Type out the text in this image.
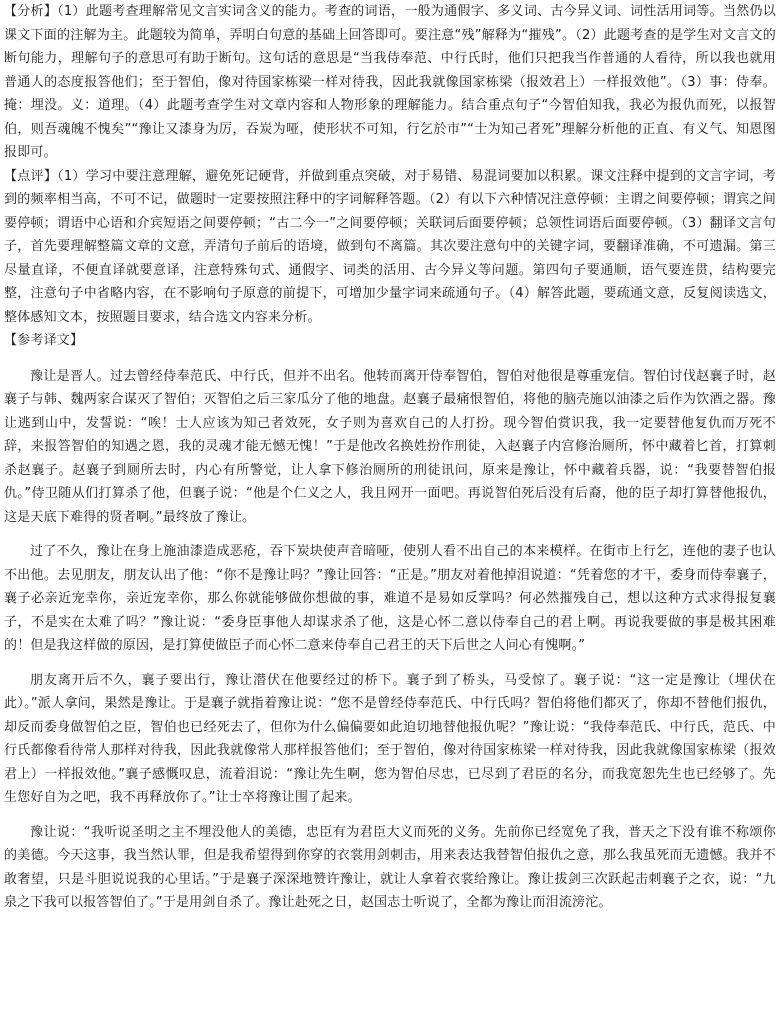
【分析】（1）此题考查理解常见文言实词含义的能力。考查的词语，一般为通假字、多义词、古今异义词、词性活用词等。当然仍以课文下面的注解为主。此题较为简单，弄明白句意的基础上回答即可。要注意“残”解释为“摧残”。（2）此题考查的是学生对文言文的断句能力，理解句子的意思可有助于断句。这句话的意思是“当我侍奉范、中行氏时，他们只把我当作普通的人看待，所以我也就用普通人的态度报答他们；至于智伯，像对待国家栋梁一样对待我，因此我就像国家栋梁（报效君上）一样报效他”。（3）事：侍奉。掩：埋没。义：道理。（4）此题考查学生对文章内容和人物形象的理解能力。结合重点句子“今智伯知我，我必为报仇而死，以报智伯，则吾魂魄不愧矣”“豫让又漆身为厉，吞炭为哑，使形状不可知，行乞於市”“士为知己者死”理解分析他的正直、有义气、知恩图报即可。

【点评】（1）学习中要注意理解，避免死记硬背，并做到重点突破，对于易错、易混词要加以积累。课文注释中提到的文言字词，考到的频率相当高，不可不记，做题时一定要按照注释中的字词解释答题。（2）有以下六种情况注意停顿：主谓之间要停顿；谓宾之间要停顿；谓语中心语和介宾短语之间要停顿；“古二今一”之间要停顿；关联词后面要停顿；总领性词语后面要停顿。（3）翻译文言句子，首先要理解整篇文章的文意，弄清句子前后的语境，做到句不离篇。其次要注意句中的关键字词，要翻译准确，不可遗漏。第三尽量直译，不便直译就要意译，注意特殊句式、通假字、词类的活用、古今异义等问题。第四句子要通顺，语气要连贯，结构要完整，注意句子中省略内容，在不影响句子原意的前提下，可增加少量字词来疏通句子。（4）解答此题，要疏通文意，反复阅读选文，整体感知文本，按照题目要求，结合选文内容来分析。

【参考译文】

豫让是晋人。过去曾经侍奉范氏、中行氏，但并不出名。他转而离开侍奉智伯，智伯对他很是尊重宠信。智伯讨伐赵襄子时，赵襄子与韩、魏两家合谋灭了智伯；灭智伯之后三家瓜分了他的地盘。赵襄子最痛恨智伯，将他的脑壳施以油漆之后作为饮酒之器。豫让逃到山中，发誓说：“唉！士人应该为知己者效死，女子则为喜欢自己的人打扮。现今智伯赏识我，我一定要替他复仇而万死不辞，来报答智伯的知遇之恩，我的灵魂才能无憾无愧！”于是他改名换姓扮作刑徒，入赵襄子内宫修治厕所，怀中藏着匕首，打算刺杀赵襄子。赵襄子到厕所去时，内心有所警觉，让人拿下修治厕所的刑徒讯问，原来是豫让，怀中藏着兵器，说：“我要替智伯报仇。”侍卫随从们打算杀了他，但襄子说：“他是个仁义之人，我且网开一面吧。再说智伯死后没有后裔，他的臣子却打算替他报仇，这是天底下难得的贤者啊。”最终放了豫让。

过了不久，豫让在身上施油漆造成恶疮，吞下炭块使声音暗哑，使别人看不出自己的本来模样。在街市上行乞，连他的妻子也认不出他。去见朋友，朋友认出了他：“你不是豫让吗？”豫让回答：“正是。”朋友对着他掉泪说道：“凭着您的才干，委身而侍奉襄子，襄子必亲近宠幸你，亲近宠幸你，那么你就能够做你想做的事，难道不是易如反掌吗？何必然摧残自己，想以这种方式求得报复襄子，不是实在太难了吗？”豫让说：“委身臣事他人却谋求杀了他，这是心怀二意以侍奉自己的君上啊。再说我要做的事是极其困难的！但是我这样做的原因，是打算使做臣子而心怀二意来侍奉自己君王的天下后世之人问心有愧啊。”

朋友离开后不久，襄子要出行，豫让潜伏在他要经过的桥下。襄子到了桥头，马受惊了。襄子说：“这一定是豫让（埋伏在此）。”派人拿问，果然是豫让。于是襄子就指着豫让说：“您不是曾经侍奉范氏、中行氏吗？智伯将他们都灭了，你却不替他们报仇，却反而委身做智伯之臣，智伯也已经死去了，但你为什么偏偏要如此迫切地替他报仇呢？”豫让说：“我侍奉范氏、中行氏，范氏、中行氏都像看待常人那样对待我，因此我就像常人那样报答他们；至于智伯，像对待国家栋梁一样对待我，因此我就像国家栋梁（报效君上）一样报效他。”襄子感慨叹息，流着泪说：“豫让先生啊，您为智伯尽忠，已尽到了君臣的名分，而我宽恕先生也已经够了。先生您好自为之吧，我不再释放你了。”让士卒将豫让围了起来。

豫让说：“我听说圣明之主不埋没他人的美德，忠臣有为君臣大义而死的义务。先前你已经宽免了我，普天之下没有谁不称颂你的美德。今天这事，我当然认罪，但是我希望得到你穿的衣裳用剑刺击，用来表达我替智伯报仇之意，那么我虽死而无遗憾。我并不敢奢望，只是斗胆说说我的心里话。”于是襄子深深地赞许豫让，就让人拿着衣裳给豫让。豫让拔剑三次跃起击刺襄子之衣，说：“九泉之下我可以报答智伯了。”于是用剑自杀了。豫让赴死之日，赵国志士听说了，全都为豫让而泪流滂沱。
